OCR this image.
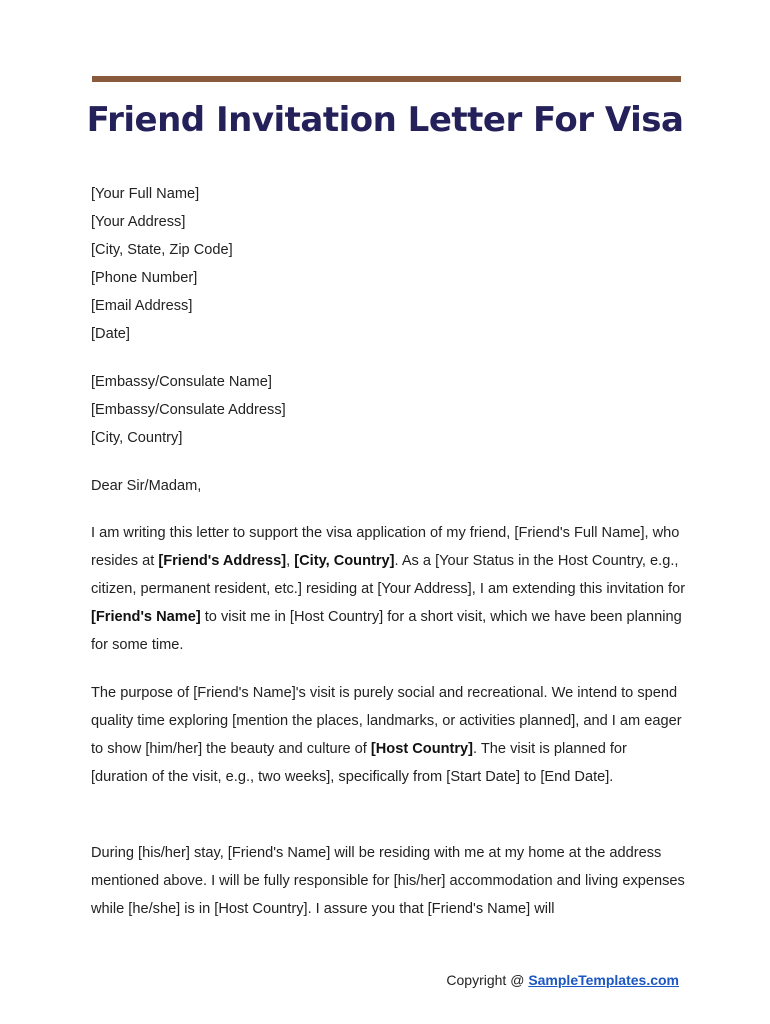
Friend Invitation Letter For Visa
[Your Full Name]
[Your Address]
[City, State, Zip Code]
[Phone Number]
[Email Address]
[Date]
[Embassy/Consulate Name]
[Embassy/Consulate Address]
[City, Country]
Dear Sir/Madam,

I am writing this letter to support the visa application of my friend, [Friend's Full Name], who resides at [Friend's Address], [City, Country]. As a [Your Status in the Host Country, e.g., citizen, permanent resident, etc.] residing at [Your Address], I am extending this invitation for [Friend's Name] to visit me in [Host Country] for a short visit, which we have been planning for some time.

The purpose of [Friend's Name]'s visit is purely social and recreational. We intend to spend quality time exploring [mention the places, landmarks, or activities planned], and I am eager to show [him/her] the beauty and culture of [Host Country]. The visit is planned for [duration of the visit, e.g., two weeks], specifically from [Start Date] to [End Date].

During [his/her] stay, [Friend's Name] will be residing with me at my home at the address mentioned above. I will be fully responsible for [his/her] accommodation and living expenses while [he/she] is in [Host Country]. I assure you that [Friend's Name] will

Copyright @ SampleTemplates.com
